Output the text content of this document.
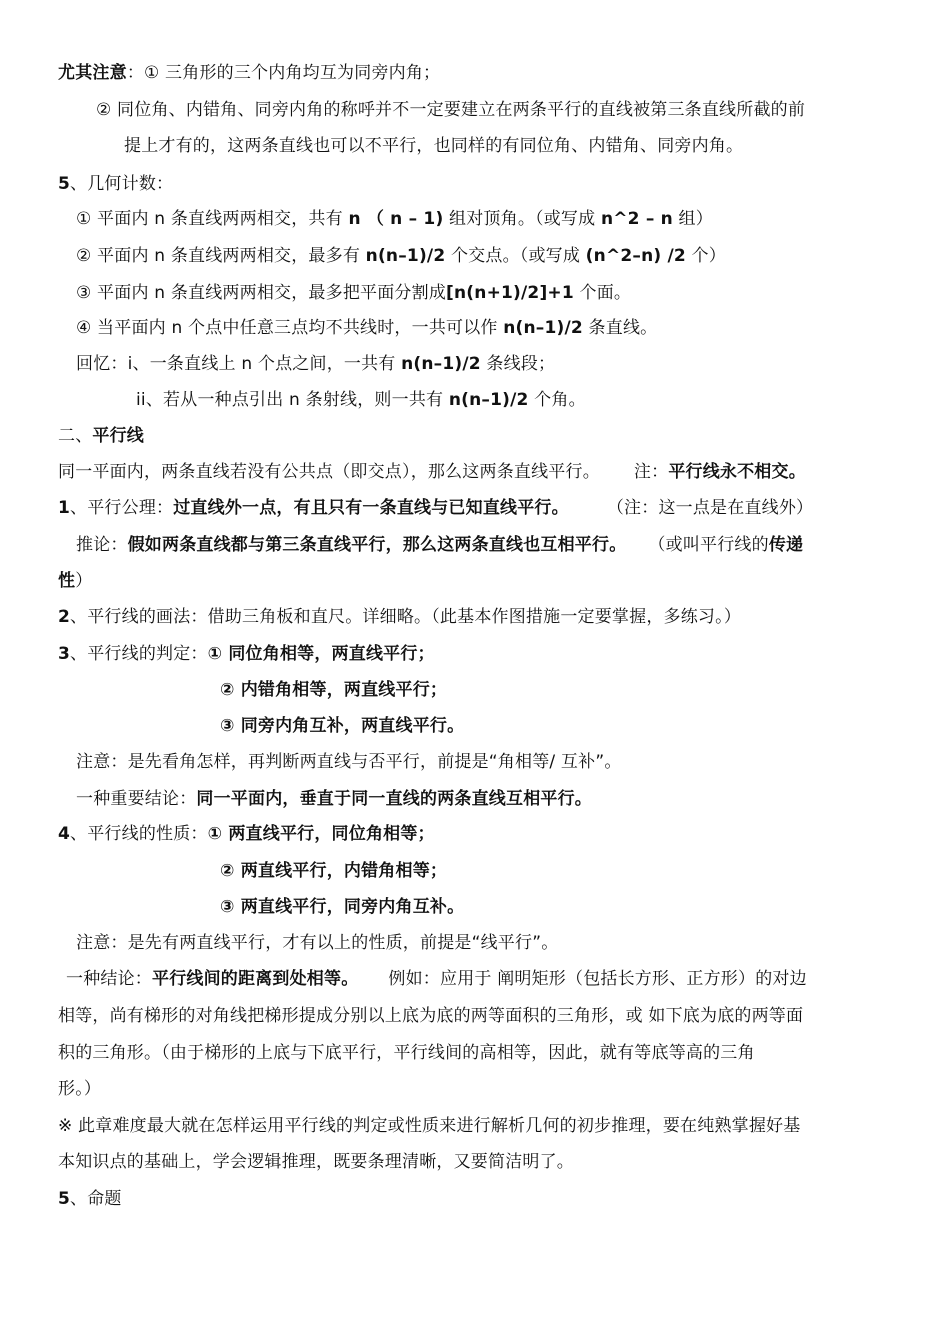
尤其注意：① 三角形的三个内角均互为同旁内角；
② 同位角、内错角、同旁内角的称呼并不一定要建立在两条平行的直线被第三条直线所截的前
提上才有的，这两条直线也可以不平行，也同样的有同位角、内错角、同旁内角。
5、几何计数：
① 平面内 n 条直线两两相交，共有 n （ n – 1) 组对顶角。（或写成 n^2 – n 组）
② 平面内 n 条直线两两相交，最多有 n(n–1)/2 个交点。（或写成 (n^2–n) /2 个）
③ 平面内 n 条直线两两相交，最多把平面分割成[n(n+1)/2]+1 个面。
④ 当平面内 n 个点中任意三点均不共线时，一共可以作 n(n–1)/2 条直线。
回忆：i、一条直线上 n 个点之间，一共有 n(n–1)/2 条线段；
ii、若从一种点引出 n 条射线，则一共有 n(n–1)/2 个角。
二、平行线
同一平面内，两条直线若没有公共点（即交点），那么这两条直线平行。 注：平行线永不相交。
1、平行公理：过直线外一点，有且只有一条直线与已知直线平行。 （注：这一点是在直线外）
推论：假如两条直线都与第三条直线平行，那么这两条直线也互相平行。 （或叫平行线的传递
性）
2、平行线的画法：借助三角板和直尺。详细略。（此基本作图措施一定要掌握，多练习。）
3、平行线的判定：① 同位角相等，两直线平行；
② 内错角相等，两直线平行；
③ 同旁内角互补，两直线平行。
注意：是先看角怎样，再判断两直线与否平行，前提是“角相等/ 互补”。
一种重要结论：同一平面内，垂直于同一直线的两条直线互相平行。
4、平行线的性质：① 两直线平行，同位角相等；
② 两直线平行，内错角相等；
③ 两直线平行，同旁内角互补。
注意：是先有两直线平行，才有以上的性质，前提是“线平行”。
一种结论：平行线间的距离到处相等。 例如：应用于 阐明矩形（包括长方形、正方形）的对边
相等，尚有梯形的对角线把梯形提成分别以上底为底的两等面积的三角形，或 如下底为底的两等面
积的三角形。（由于梯形的上底与下底平行，平行线间的高相等，因此，就有等底等高的三角
形。）
※ 此章难度最大就在怎样运用平行线的判定或性质来进行解析几何的初步推理，要在纯熟掌握好基
本知识点的基础上，学会逻辑推理，既要条理清晰，又要简洁明了。
5、命题
